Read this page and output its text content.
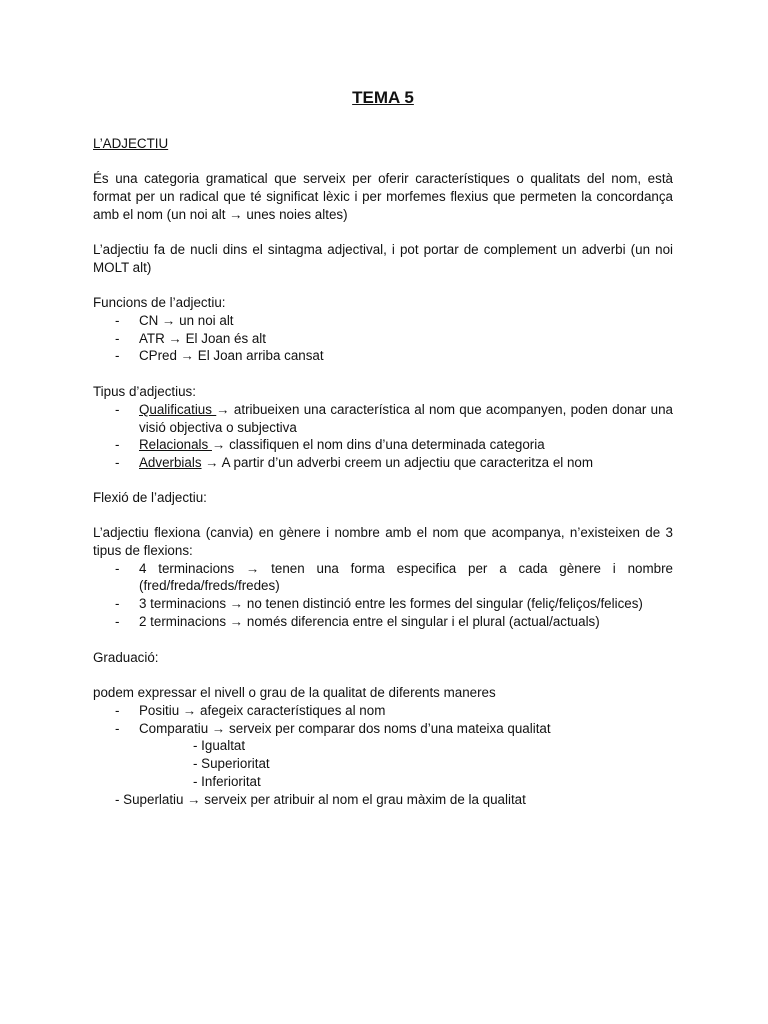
TEMA 5
L’ADJECTIU
És una categoria gramatical que serveix per oferir característiques o qualitats del nom, està format per un radical que té significat lèxic i per morfemes flexius que permeten la concordança amb el nom (un noi alt → unes noies altes)
L’adjectiu fa de nucli dins el sintagma adjectival, i pot portar de complement un adverbi (un noi MOLT alt)
Funcions de l’adjectiu:
- CN → un noi alt
- ATR → El Joan és alt
- CPred → El Joan arriba cansat
Tipus d’adjectius:
- Qualificatius → atribueixen una característica al nom que acompanyen, poden donar una visió objectiva o subjectiva
- Relacionals → classifiquen el nom dins d’una determinada categoria
- Adverbials → A partir d’un adverbi creem un adjectiu que caracteritza el nom
Flexió de l’adjectiu:
L’adjectiu flexiona (canvia) en gènere i nombre amb el nom que acompanya, n’existeixen de 3 tipus de flexions:
- 4 terminacions → tenen una forma especifica per a cada gènere i nombre (fred/freda/freds/fredes)
- 3 terminacions → no tenen distinció entre les formes del singular (feliç/feliços/felices)
- 2 terminacions → només diferencia entre el singular i el plural (actual/actuals)
Graduació:
podem expressar el nivell o grau de la qualitat de diferents maneres
- Positiu → afegeix característiques al nom
- Comparatiu → serveix per comparar dos noms d’una mateixa qualitat
- Igualtat
- Superioritat
- Inferioritat
- Superlatiu → serveix per atribuir al nom el grau màxim de la qualitat
